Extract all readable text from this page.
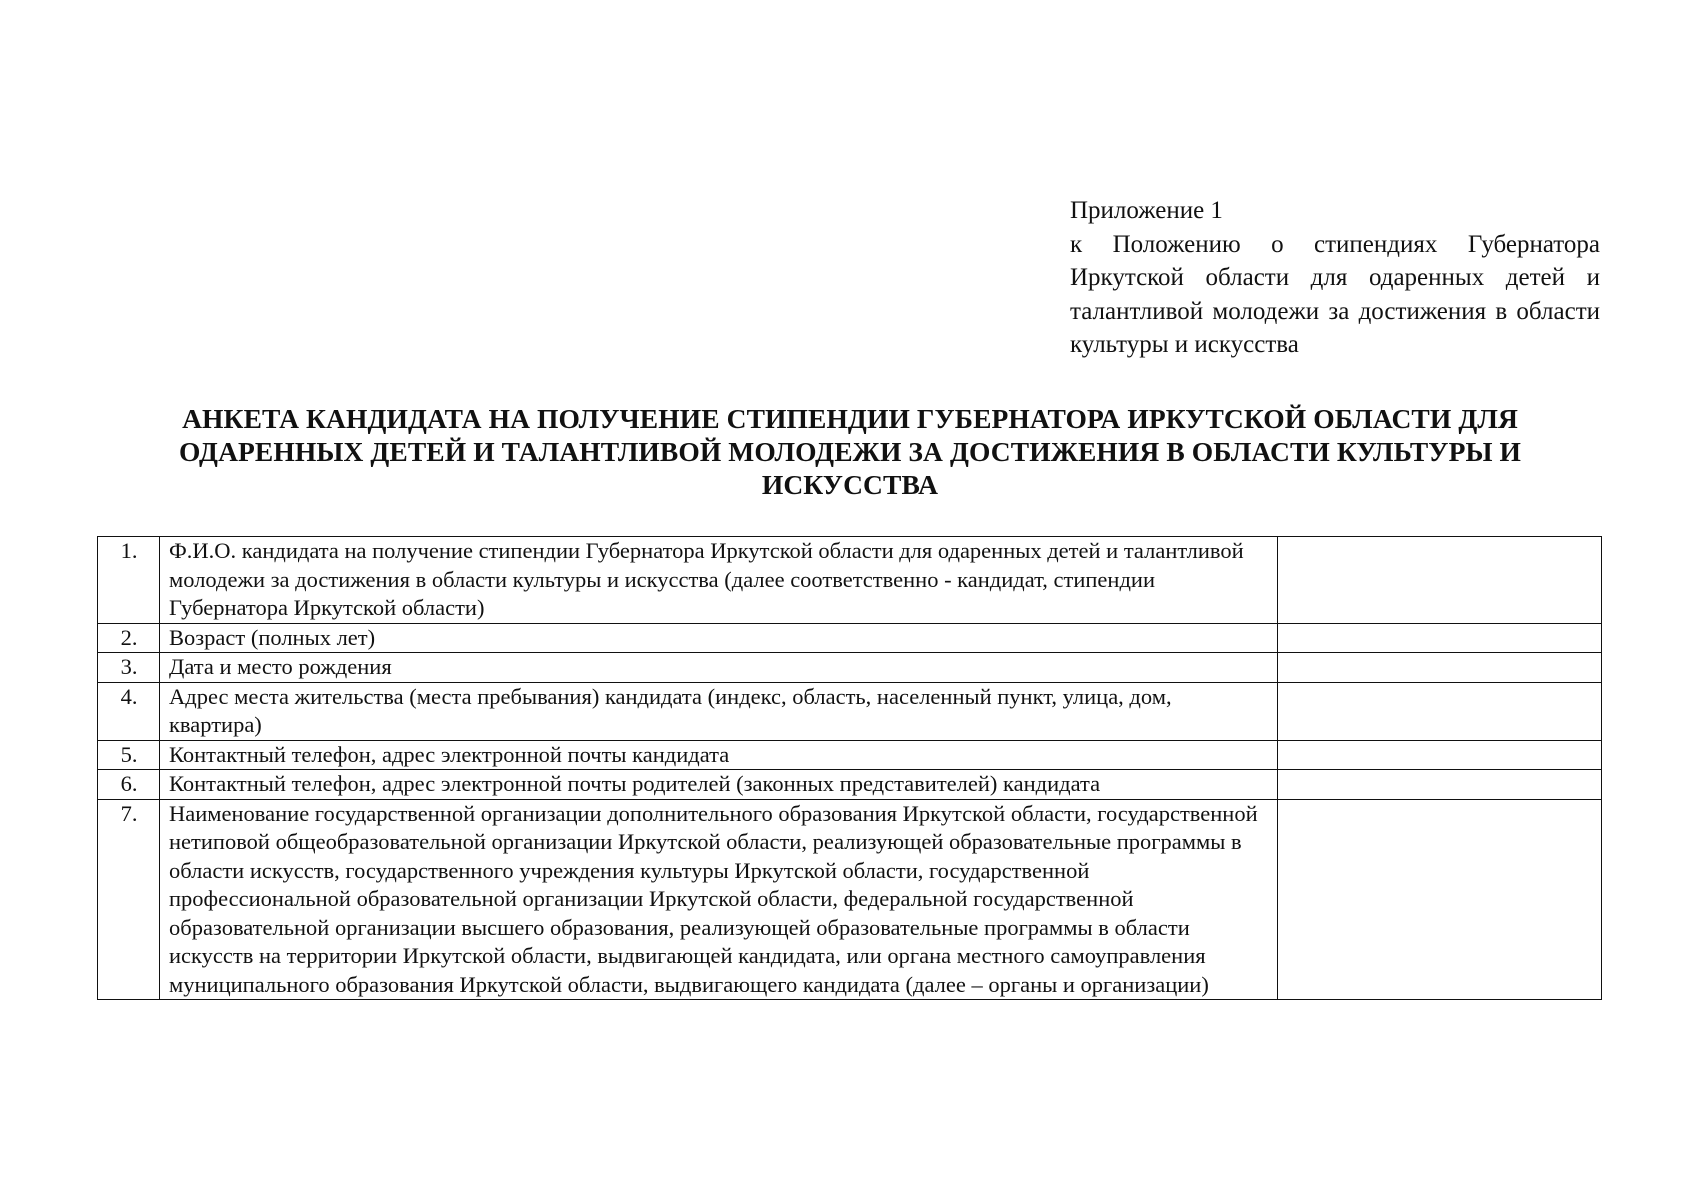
Приложение 1
к Положению о стипендиях Губернатора Иркутской области для одаренных детей и талантливой молодежи за достижения в области культуры и искусства
АНКЕТА КАНДИДАТА НА ПОЛУЧЕНИЕ СТИПЕНДИИ ГУБЕРНАТОРА ИРКУТСКОЙ ОБЛАСТИ ДЛЯ ОДАРЕННЫХ ДЕТЕЙ И ТАЛАНТЛИВОЙ МОЛОДЕЖИ ЗА ДОСТИЖЕНИЯ В ОБЛАСТИ КУЛЬТУРЫ И ИСКУССТВА
1.	Ф.И.О. кандидата на получение стипендии Губернатора Иркутской области для одаренных детей и талантливой молодежи за достижения в области культуры и искусства (далее соответственно - кандидат, стипендии Губернатора Иркутской области)	
2.	Возраст (полных лет)	
3.	Дата и место рождения	
4.	Адрес места жительства (места пребывания) кандидата (индекс, область, населенный пункт, улица, дом, квартира)	
5.	Контактный телефон, адрес электронной почты кандидата	
6.	Контактный телефон, адрес электронной почты родителей (законных представителей) кандидата	
7.	Наименование государственной организации дополнительного образования Иркутской области, государственной нетиповой общеобразовательной организации Иркутской области, реализующей образовательные программы в области искусств, государственного учреждения культуры Иркутской области, государственной профессиональной образовательной организации Иркутской области, федеральной государственной образовательной организации высшего образования, реализующей образовательные программы в области искусств на территории Иркутской области, выдвигающей кандидата, или органа местного самоуправления муниципального образования Иркутской области, выдвигающего кандидата (далее – органы и организации)	
